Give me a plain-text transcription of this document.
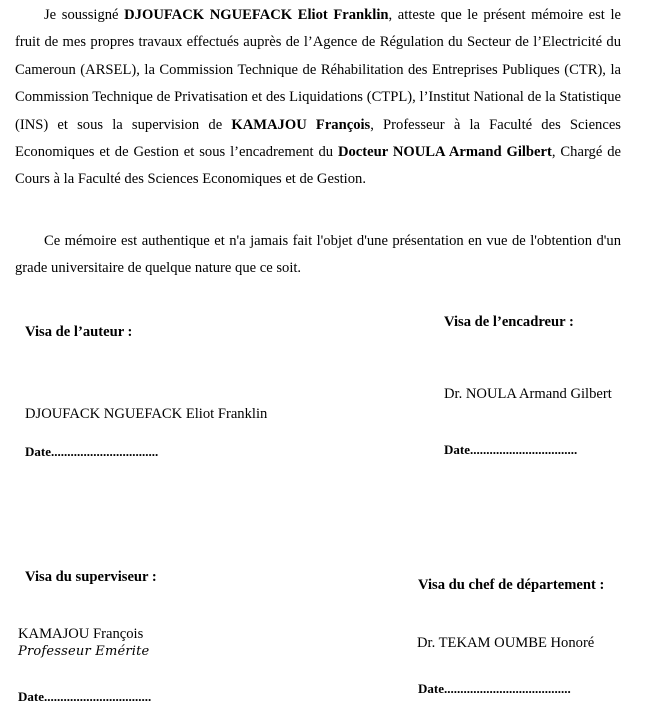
Je soussigné DJOUFACK NGUEFACK Eliot Franklin, atteste que le présent mémoire est le fruit de mes propres travaux effectués auprès de l’Agence de Régulation du Secteur de l’Electricité du Cameroun (ARSEL), la Commission Technique de Réhabilitation des Entreprises Publiques (CTR), la Commission Technique de Privatisation et des Liquidations (CTPL), l’Institut National de la Statistique (INS) et sous la supervision de KAMAJOU François, Professeur à la Faculté des Sciences Economiques et de Gestion et sous l’encadrement du Docteur NOULA Armand Gilbert, Chargé de Cours à la Faculté des Sciences Economiques et de Gestion.

Ce mémoire est authentique et n'a jamais fait l'objet d'une présentation en vue de l'obtention d'un grade universitaire de quelque nature que ce soit.

Visa de l’auteur :
DJOUFACK NGUEFACK Eliot Franklin
Date.................................
Visa de l’encadreur :
Dr. NOULA Armand Gilbert
Date.................................
Visa du superviseur :
KAMAJOU François
Professeur Emérite
Date.................................
Visa du chef de département :
Dr. TEKAM OUMBE Honoré
Date.......................................
